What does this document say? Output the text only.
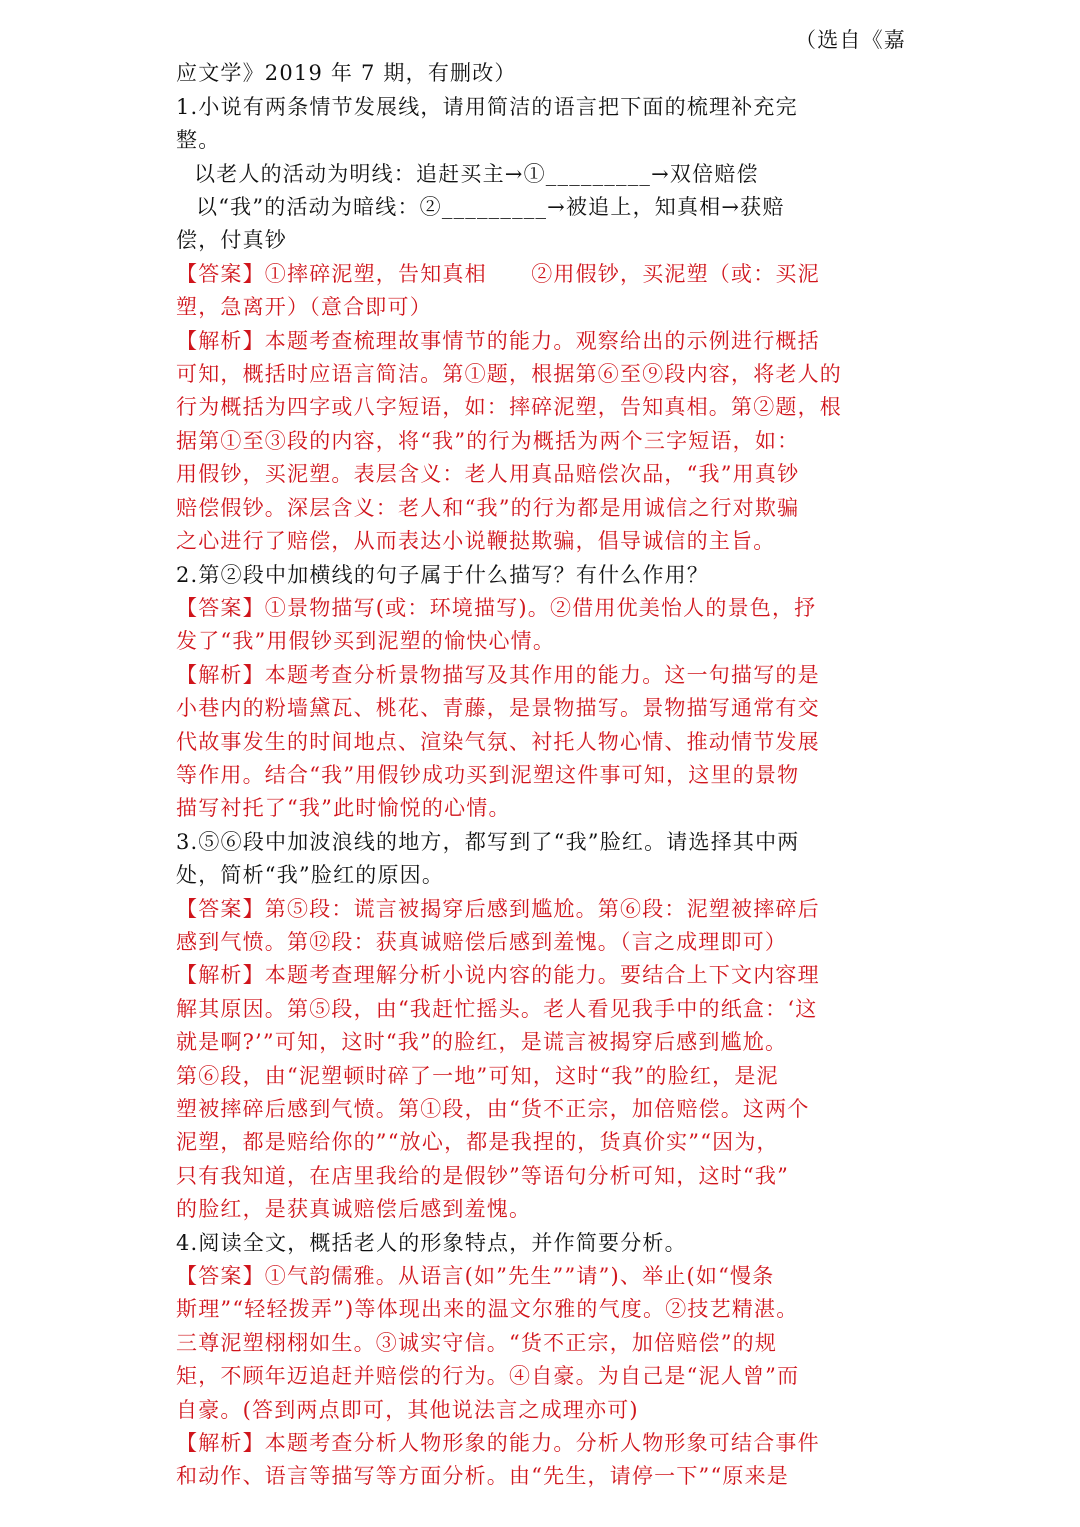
（选自《嘉
应文学》2019 年 7 期，有删改）
1.小说有两条情节发展线，请用简洁的语言把下面的梳理补充完
整。
以老人的活动为明线：追赶买主→①_________→双倍赔偿
以“我”的活动为暗线：②_________→被追上，知真相→获赔
偿，付真钞
【答案】①摔碎泥塑，告知真相　　②用假钞，买泥塑（或：买泥
塑，急离开）（意合即可）
【解析】本题考查梳理故事情节的能力。观察给出的示例进行概括
可知，概括时应语言简洁。第①题，根据第⑥至⑨段内容，将老人的
行为概括为四字或八字短语，如：摔碎泥塑，告知真相。第②题，根
据第①至③段的内容，将“我”的行为概括为两个三字短语，如：
用假钞，买泥塑。表层含义：老人用真品赔偿次品，“我”用真钞
赔偿假钞。深层含义：老人和“我”的行为都是用诚信之行对欺骗
之心进行了赔偿，从而表达小说鞭挞欺骗，倡导诚信的主旨。
2.第②段中加横线的句子属于什么描写？有什么作用？
【答案】①景物描写(或：环境描写)。②借用优美怡人的景色，抒
发了“我”用假钞买到泥塑的愉快心情。
【解析】本题考查分析景物描写及其作用的能力。这一句描写的是
小巷内的粉墙黛瓦、桃花、青藤，是景物描写。景物描写通常有交
代故事发生的时间地点、渲染气氛、衬托人物心情、推动情节发展
等作用。结合“我”用假钞成功买到泥塑这件事可知，这里的景物
描写衬托了“我”此时愉悦的心情。
3.⑤⑥段中加波浪线的地方，都写到了“我”脸红。请选择其中两
处，简析“我”脸红的原因。
【答案】第⑤段：谎言被揭穿后感到尴尬。第⑥段：泥塑被摔碎后
感到气愤。第⑫段：获真诚赔偿后感到羞愧。（言之成理即可）
【解析】本题考查理解分析小说内容的能力。要结合上下文内容理
解其原因。第⑤段，由“我赶忙摇头。老人看见我手中的纸盒：‘这
就是啊?’”可知，这时“我”的脸红，是谎言被揭穿后感到尴尬。
第⑥段，由“泥塑顿时碎了一地”可知，这时“我”的脸红，是泥
塑被摔碎后感到气愤。第①段，由“货不正宗，加倍赔偿。这两个
泥塑，都是赔给你的”“放心，都是我捏的，货真价实”“因为，
只有我知道，在店里我给的是假钞”等语句分析可知，这时“我”
的脸红，是获真诚赔偿后感到羞愧。
4.阅读全文，概括老人的形象特点，并作简要分析。
【答案】①气韵儒雅。从语言(如”先生””请”)、举止(如“慢条
斯理”“轻轻拨弄”)等体现出来的温文尔雅的气度。②技艺精湛。
三尊泥塑栩栩如生。③诚实守信。“货不正宗，加倍赔偿”的规
矩，不顾年迈追赶并赔偿的行为。④自豪。为自己是“泥人曾”而
自豪。(答到两点即可，其他说法言之成理亦可)
【解析】本题考查分析人物形象的能力。分析人物形象可结合事件
和动作、语言等描写等方面分析。由“先生，请停一下”“原来是
